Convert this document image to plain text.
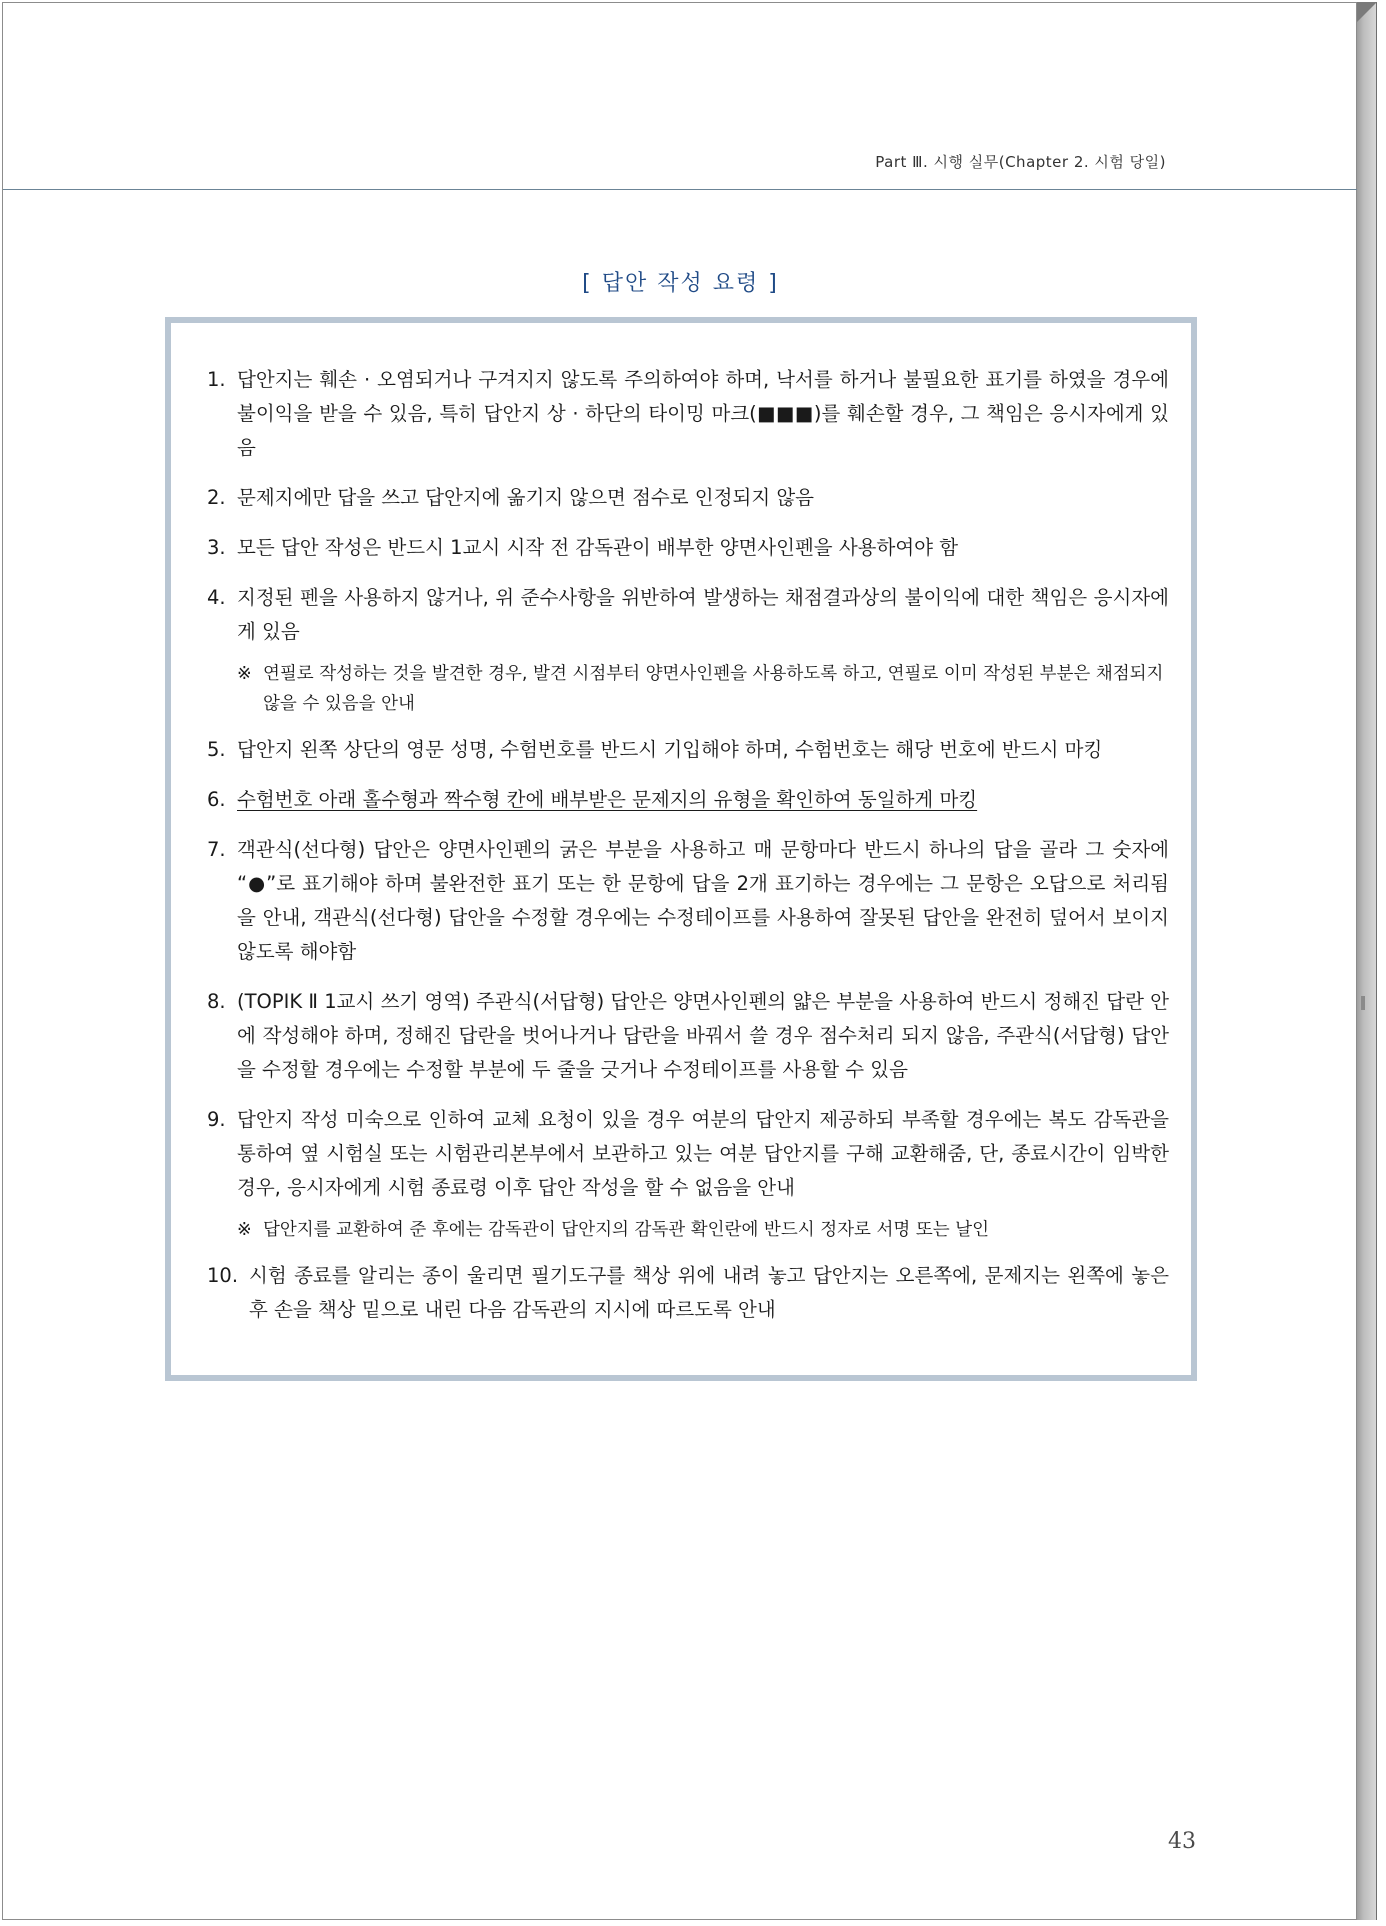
Part Ⅲ. 시행 실무(Chapter 2. 시험 당일)
[ 답안 작성 요령 ]
1. 답안지는 훼손 · 오염되거나 구겨지지 않도록 주의하여야 하며, 낙서를 하거나 불필요한 표기를 하였을 경우에 불이익을 받을 수 있음, 특히 답안지 상 · 하단의 타이밍 마크(■■■)를 훼손할 경우, 그 책임은 응시자에게 있음
2. 문제지에만 답을 쓰고 답안지에 옮기지 않으면 점수로 인정되지 않음
3. 모든 답안 작성은 반드시 1교시 시작 전 감독관이 배부한 양면사인펜을 사용하여야 함
4. 지정된 펜을 사용하지 않거나, 위 준수사항을 위반하여 발생하는 채점결과상의 불이익에 대한 책임은 응시자에게 있음
※ 연필로 작성하는 것을 발견한 경우, 발견 시점부터 양면사인펜을 사용하도록 하고, 연필로 이미 작성된 부분은 채점되지 않을 수 있음을 안내
5. 답안지 왼쪽 상단의 영문 성명, 수험번호를 반드시 기입해야 하며, 수험번호는 해당 번호에 반드시 마킹
6. 수험번호 아래 홀수형과 짝수형 칸에 배부받은 문제지의 유형을 확인하여 동일하게 마킹
7. 객관식(선다형) 답안은 양면사인펜의 굵은 부분을 사용하고 매 문항마다 반드시 하나의 답을 골라 그 숫자에 “●”로 표기해야 하며 불완전한 표기 또는 한 문항에 답을 2개 표기하는 경우에는 그 문항은 오답으로 처리됨을 안내, 객관식(선다형) 답안을 수정할 경우에는 수정테이프를 사용하여 잘못된 답안을 완전히 덮어서 보이지 않도록 해야함
8. (TOPIK Ⅱ 1교시 쓰기 영역) 주관식(서답형) 답안은 양면사인펜의 얇은 부분을 사용하여 반드시 정해진 답란 안에 작성해야 하며, 정해진 답란을 벗어나거나 답란을 바꿔서 쓸 경우 점수처리 되지 않음, 주관식(서답형) 답안을 수정할 경우에는 수정할 부분에 두 줄을 긋거나 수정테이프를 사용할 수 있음
9. 답안지 작성 미숙으로 인하여 교체 요청이 있을 경우 여분의 답안지 제공하되 부족할 경우에는 복도 감독관을 통하여 옆 시험실 또는 시험관리본부에서 보관하고 있는 여분 답안지를 구해 교환해줌, 단, 종료시간이 임박한 경우, 응시자에게 시험 종료령 이후 답안 작성을 할 수 없음을 안내
※ 답안지를 교환하여 준 후에는 감독관이 답안지의 감독관 확인란에 반드시 정자로 서명 또는 날인
10. 시험 종료를 알리는 종이 울리면 필기도구를 책상 위에 내려 놓고 답안지는 오른쪽에, 문제지는 왼쪽에 놓은 후 손을 책상 밑으로 내린 다음 감독관의 지시에 따르도록 안내
43
